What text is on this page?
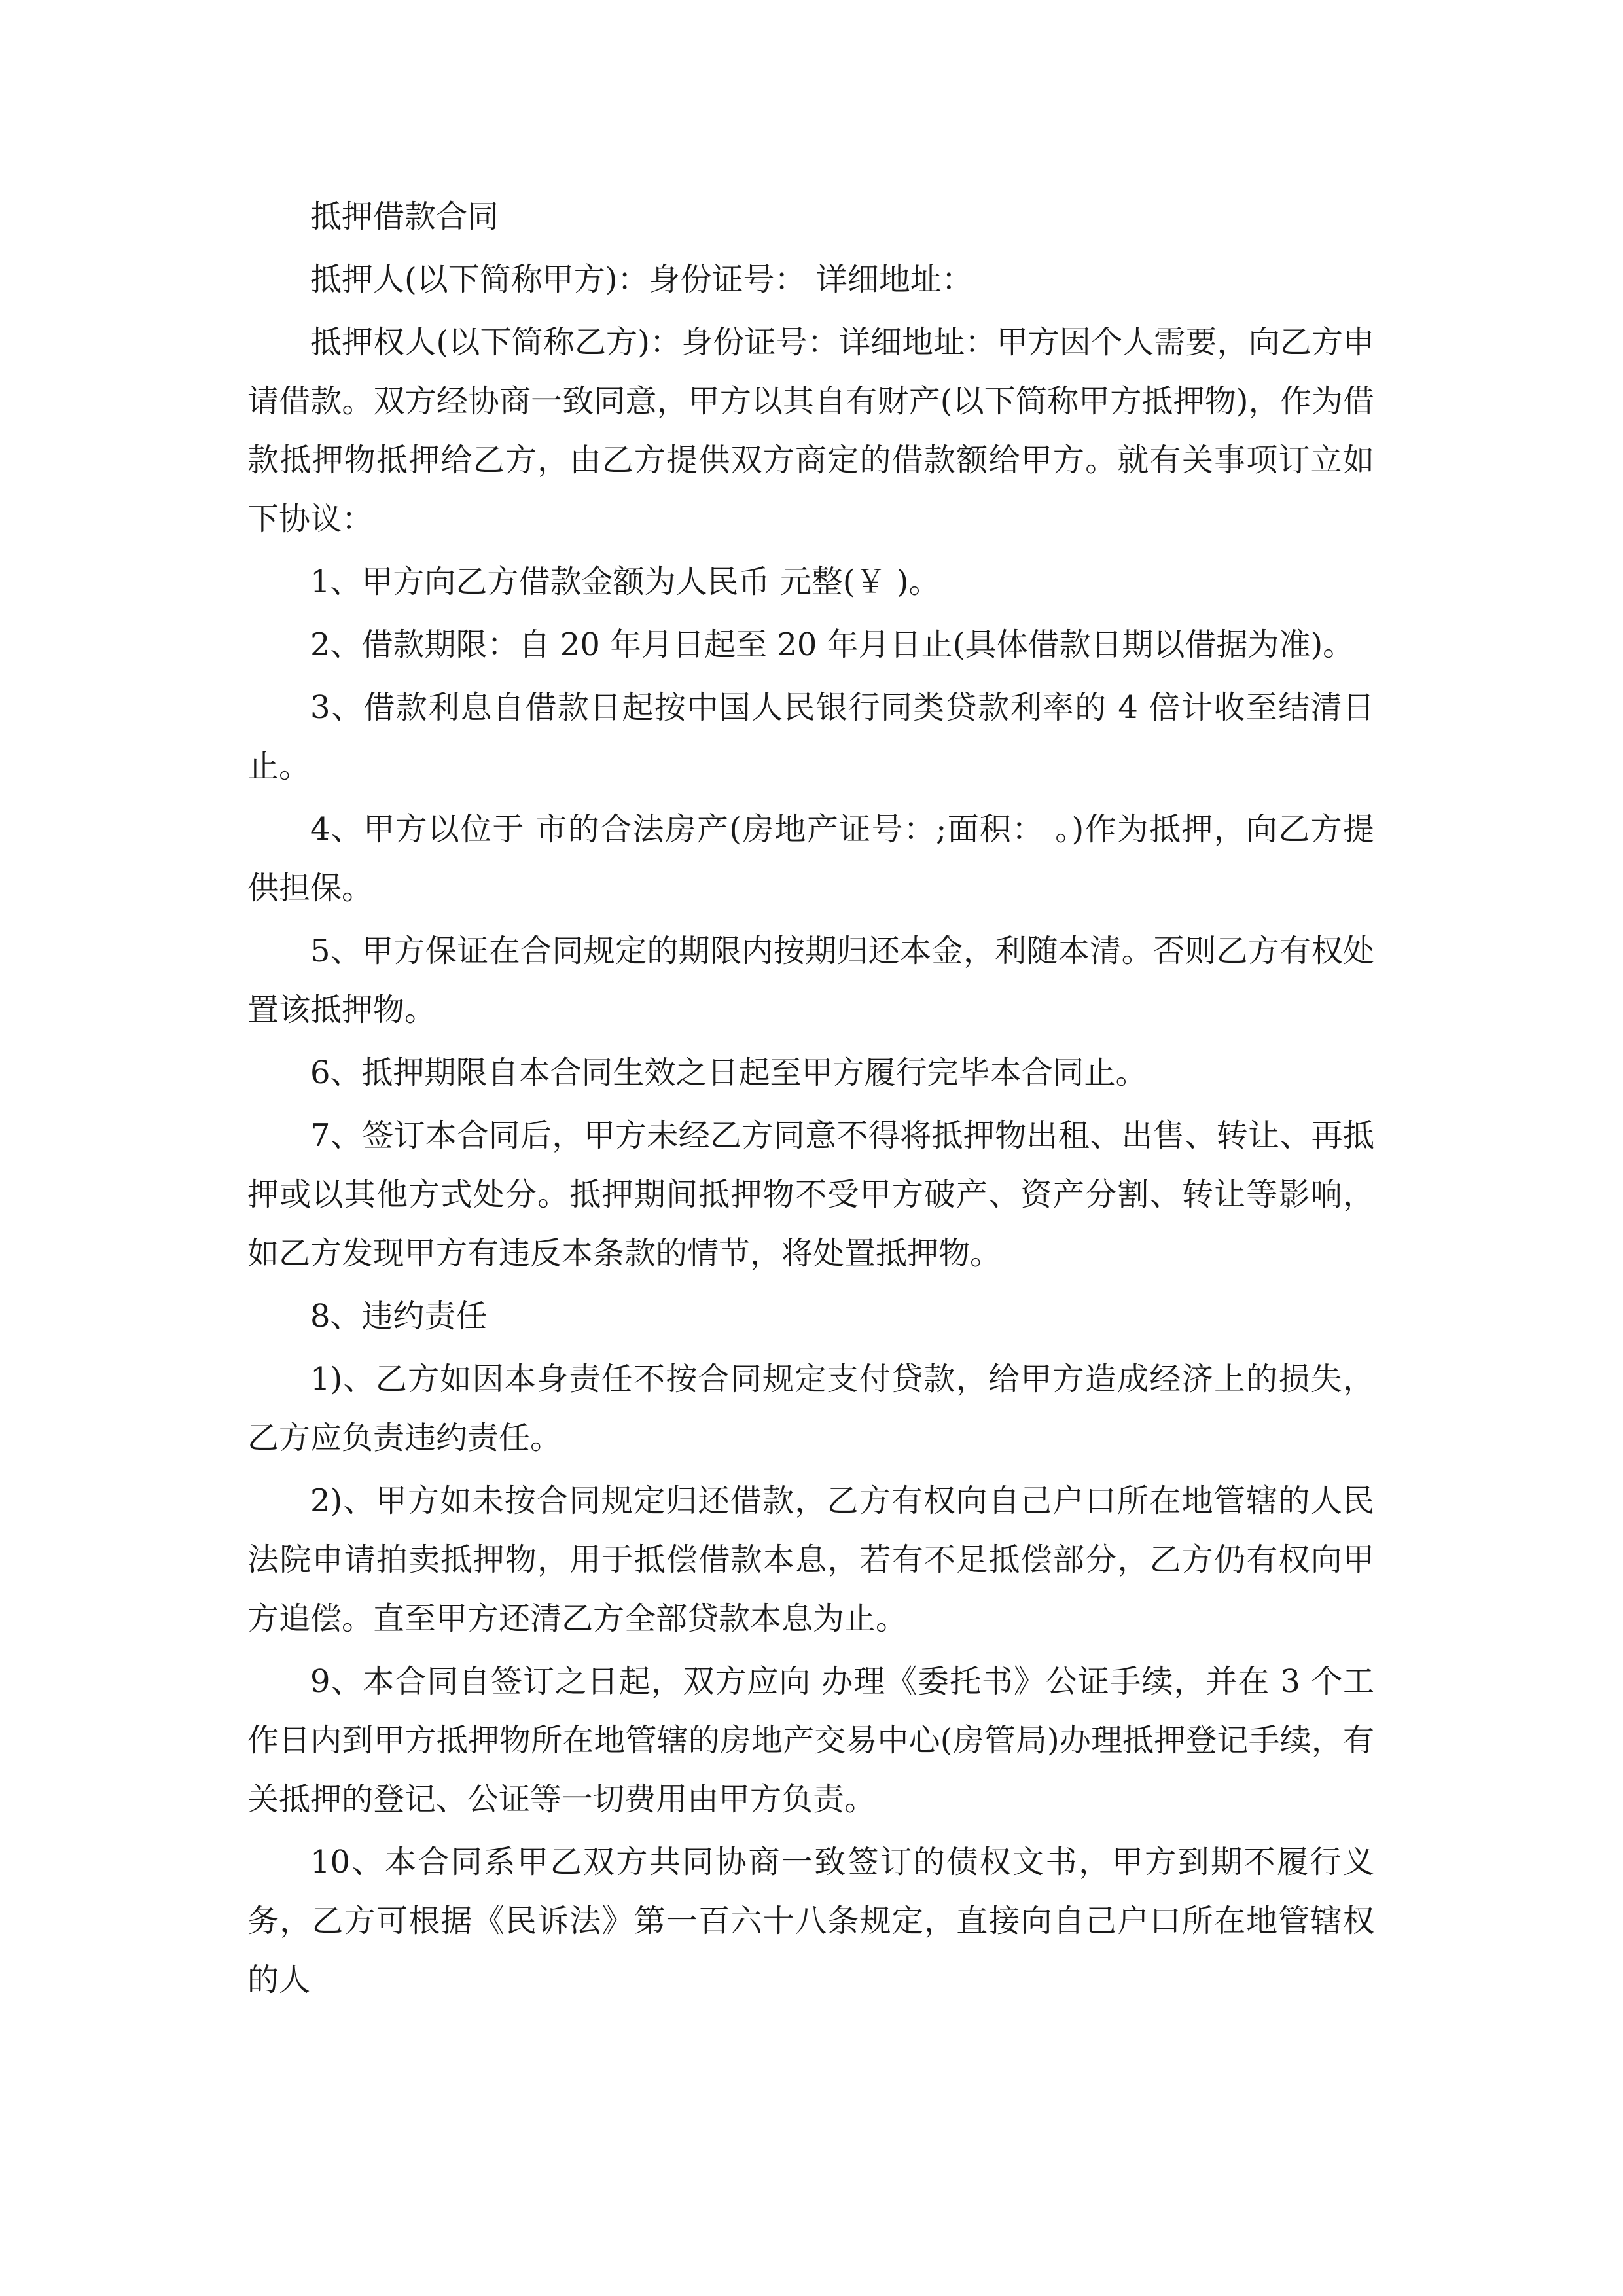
抵押借款合同

抵押人(以下简称甲方)：身份证号： 详细地址：

抵押权人(以下简称乙方)：身份证号：详细地址：甲方因个人需要，向乙方申请借款。双方经协商一致同意，甲方以其自有财产(以下简称甲方抵押物)，作为借款抵押物抵押给乙方，由乙方提供双方商定的借款额给甲方。就有关事项订立如下协议：

1、甲方向乙方借款金额为人民币 元整(￥ )。

2、借款期限：自 20 年月日起至 20 年月日止(具体借款日期以借据为准)。

3、借款利息自借款日起按中国人民银行同类贷款利率的 4 倍计收至结清日止。

4、甲方以位于 市的合法房产(房地产证号：;面积： 。)作为抵押，向乙方提供担保。

5、甲方保证在合同规定的期限内按期归还本金，利随本清。否则乙方有权处置该抵押物。

6、抵押期限自本合同生效之日起至甲方履行完毕本合同止。

7、签订本合同后，甲方未经乙方同意不得将抵押物出租、出售、转让、再抵押或以其他方式处分。抵押期间抵押物不受甲方破产、资产分割、转让等影响，如乙方发现甲方有违反本条款的情节，将处置抵押物。

8、违约责任

1)、乙方如因本身责任不按合同规定支付贷款，给甲方造成经济上的损失，乙方应负责违约责任。

2)、甲方如未按合同规定归还借款，乙方有权向自己户口所在地管辖的人民法院申请拍卖抵押物，用于抵偿借款本息，若有不足抵偿部分，乙方仍有权向甲方追偿。直至甲方还清乙方全部贷款本息为止。

9、本合同自签订之日起，双方应向 办理《委托书》公证手续，并在 3 个工作日内到甲方抵押物所在地管辖的房地产交易中心(房管局)办理抵押登记手续，有关抵押的登记、公证等一切费用由甲方负责。

10、本合同系甲乙双方共同协商一致签订的债权文书，甲方到期不履行义务，乙方可根据《民诉法》第一百六十八条规定，直接向自己户口所在地管辖权的人
